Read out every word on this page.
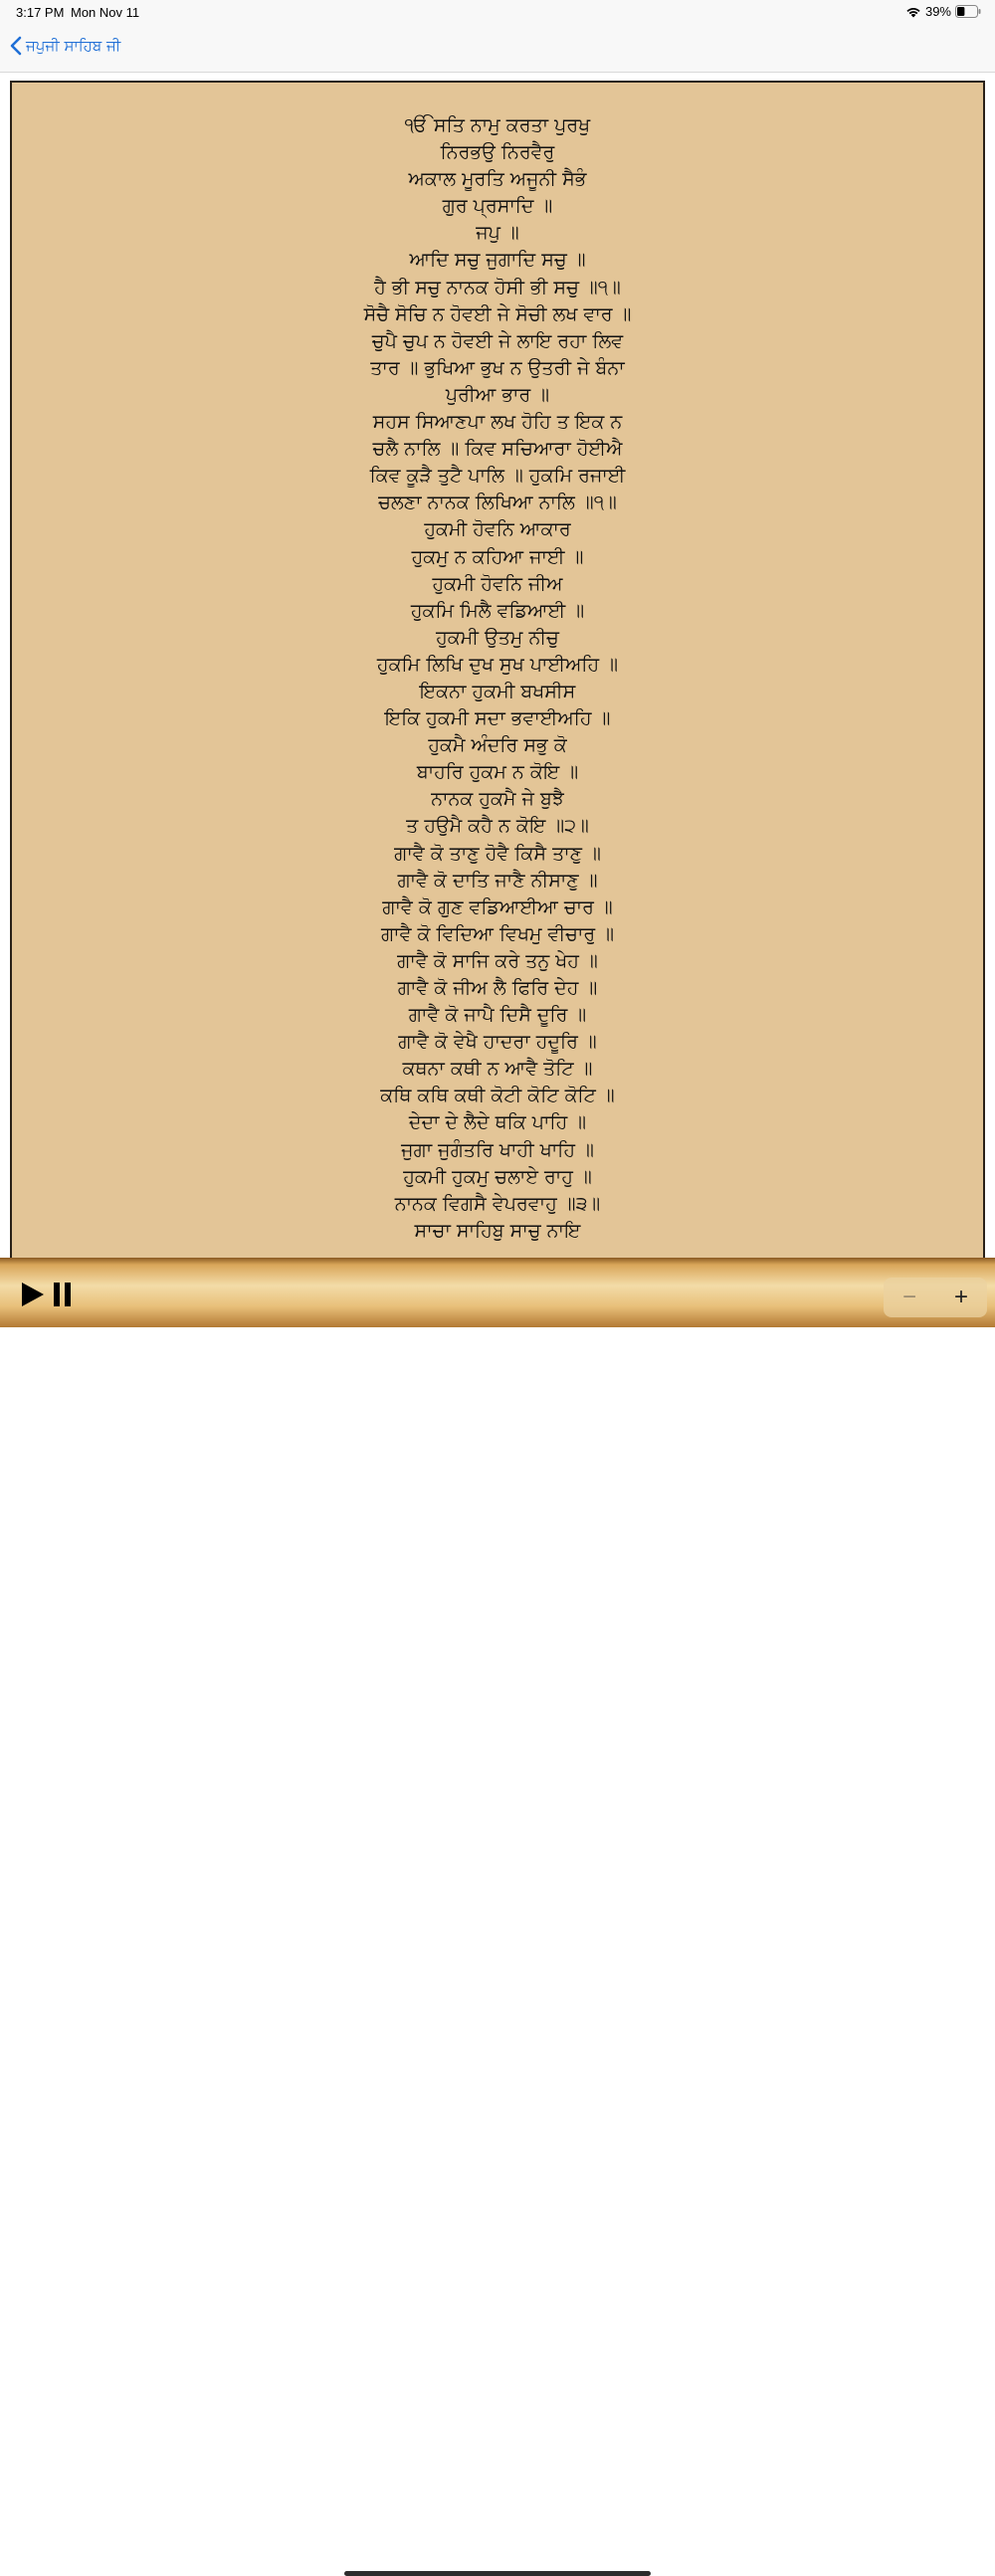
3:17 PM Mon Nov 11	39%
ਜਪੁਜੀ ਸਾਹਿਬ ਜੀ
ੴ ਸਤਿ ਨਾਮੁ ਕਰਤਾ ਪੁਰਖੁ
ਨਿਰਭਉ ਨਿਰਵੈਰੁ
ਅਕਾਲ ਮੂਰਤਿ ਅਜੂਨੀ ਸੈਭੰ
ਗੁਰ ਪ੍ਰਸਾਦਿ ॥
ਜਪੁ ॥
ਆਦਿ ਸਚੁ ਜੁਗਾਦਿ ਸਚੁ ॥
ਹੈ ਭੀ ਸਚੁ ਨਾਨਕ ਹੋਸੀ ਭੀ ਸਚੁ ॥੧॥
ਸੋਚੈ ਸੋਚਿ ਨ ਹੋਵਈ ਜੇ ਸੋਚੀ ਲਖ ਵਾਰ ॥
ਚੁਪੈ ਚੁਪ ਨ ਹੋਵਈ ਜੇ ਲਾਇ ਰਹਾ ਲਿਵ
ਤਾਰ ॥ ਭੁਖਿਆ ਭੁਖ ਨ ਉਤਰੀ ਜੇ ਬੰਨਾ
ਪੁਰੀਆ ਭਾਰ ॥
ਸਹਸ ਸਿਆਣਪਾ ਲਖ ਹੋਹਿ ਤ ਇਕ ਨ
ਚਲੈ ਨਾਲਿ ॥ ਕਿਵ ਸਚਿਆਰਾ ਹੋਈਐ
ਕਿਵ ਕੂੜੈ ਤੁਟੈ ਪਾਲਿ ॥ ਹੁਕਮਿ ਰਜਾਈ
ਚਲਣਾ ਨਾਨਕ ਲਿਖਿਆ ਨਾਲਿ ॥੧॥
ਹੁਕਮੀ ਹੋਵਨਿ ਆਕਾਰ
ਹੁਕਮੁ ਨ ਕਹਿਆ ਜਾਈ ॥
ਹੁਕਮੀ ਹੋਵਨਿ ਜੀਅ
ਹੁਕਮਿ ਮਿਲੈ ਵਡਿਆਈ ॥
ਹੁਕਮੀ ਉਤਮੁ ਨੀਚੁ
ਹੁਕਮਿ ਲਿਖਿ ਦੁਖ ਸੁਖ ਪਾਈਅਹਿ ॥
ਇਕਨਾ ਹੁਕਮੀ ਬਖਸੀਸ
ਇਕਿ ਹੁਕਮੀ ਸਦਾ ਭਵਾਈਅਹਿ ॥
ਹੁਕਮੈ ਅੰਦਰਿ ਸਭੁ ਕੋ
ਬਾਹਰਿ ਹੁਕਮ ਨ ਕੋਇ ॥
ਨਾਨਕ ਹੁਕਮੈ ਜੇ ਬੁਝੈ
ਤ ਹਉਮੈ ਕਹੈ ਨ ਕੋਇ ॥੨॥
ਗਾਵੈ ਕੋ ਤਾਣੁ ਹੋਵੈ ਕਿਸੈ ਤਾਣੁ ॥
ਗਾਵੈ ਕੋ ਦਾਤਿ ਜਾਣੈ ਨੀਸਾਣੁ ॥
ਗਾਵੈ ਕੋ ਗੁਣ ਵਡਿਆਈਆ ਚਾਰ ॥
ਗਾਵੈ ਕੋ ਵਿਦਿਆ ਵਿਖਮੁ ਵੀਚਾਰੁ ॥
ਗਾਵੈ ਕੋ ਸਾਜਿ ਕਰੇ ਤਨੁ ਖੇਹ ॥
ਗਾਵੈ ਕੋ ਜੀਅ ਲੈ ਫਿਰਿ ਦੇਹ ॥
ਗਾਵੈ ਕੋ ਜਾਪੈ ਦਿਸੈ ਦੂਰਿ ॥
ਗਾਵੈ ਕੋ ਵੇਖੈ ਹਾਦਰਾ ਹਦੂਰਿ ॥
ਕਥਨਾ ਕਥੀ ਨ ਆਵੈ ਤੋਟਿ ॥
ਕਥਿ ਕਥਿ ਕਥੀ ਕੋਟੀ ਕੋਟਿ ਕੋਟਿ ॥
ਦੇਦਾ ਦੇ ਲੈਦੇ ਥਕਿ ਪਾਹਿ ॥
ਜੁਗਾ ਜੁਗੰਤਰਿ ਖਾਹੀ ਖਾਹਿ ॥
ਹੁਕਮੀ ਹੁਕਮੁ ਚਲਾਏ ਰਾਹੁ ॥
ਨਾਨਕ ਵਿਗਸੈ ਵੇਪਰਵਾਹੁ ॥੩॥
ਸਾਚਾ ਸਾਹਿਬੁ ਸਾਚੁ ਨਾਇ
−	+
